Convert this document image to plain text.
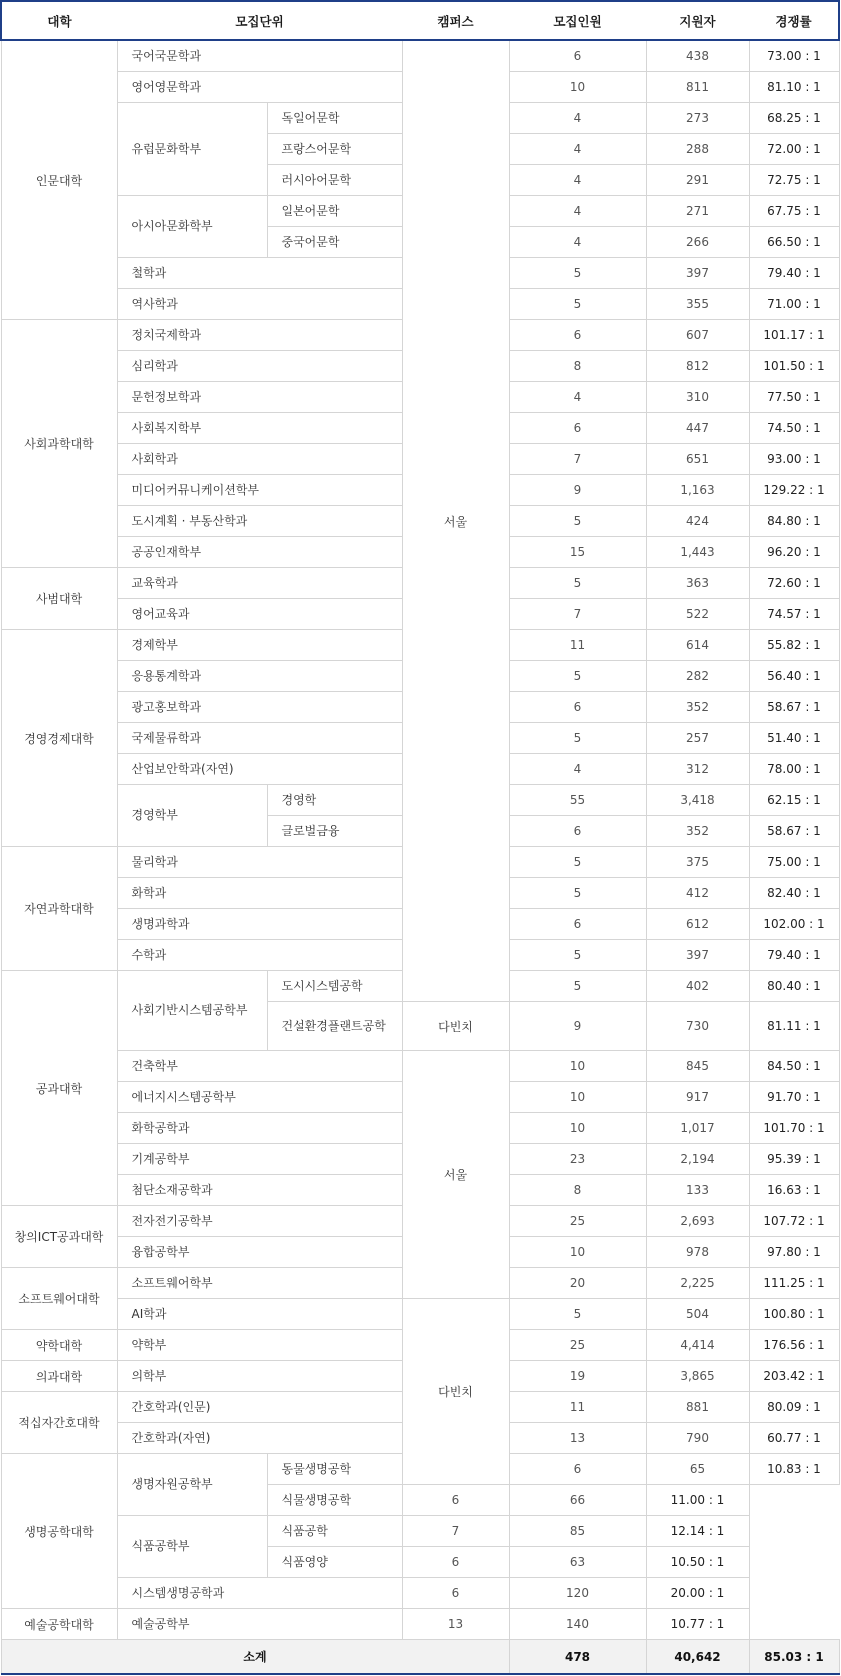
대학	모집단위		캠퍼스	모집인원	지원자	경쟁률
인문대학	국어국문학과		서울	6	438	73.00 : 1
	영어영문학과			10	811	81.10 : 1
	유럽문화학부	독일어문학		4	273	68.25 : 1
		프랑스어문학		4	288	72.00 : 1
		러시아어문학		4	291	72.75 : 1
	아시아문화학부	일본어문학		4	271	67.75 : 1
		중국어문학		4	266	66.50 : 1
	철학과			5	397	79.40 : 1
	역사학과			5	355	71.00 : 1
사회과학대학	정치국제학과			6	607	101.17 : 1
	심리학과			8	812	101.50 : 1
	문헌정보학과			4	310	77.50 : 1
	사회복지학부			6	447	74.50 : 1
	사회학과			7	651	93.00 : 1
	미디어커뮤니케이션학부			9	1,163	129.22 : 1
	도시계획 · 부동산학과			5	424	84.80 : 1
	공공인재학부			15	1,443	96.20 : 1
사범대학	교육학과			5	363	72.60 : 1
	영어교육과			7	522	74.57 : 1
경영경제대학	경제학부			11	614	55.82 : 1
	응용통계학과			5	282	56.40 : 1
	광고홍보학과			6	352	58.67 : 1
	국제물류학과			5	257	51.40 : 1
	산업보안학과(자연)			4	312	78.00 : 1
	경영학부	경영학		55	3,418	62.15 : 1
		글로벌금융		6	352	58.67 : 1
자연과학대학	물리학과			5	375	75.00 : 1
	화학과			5	412	82.40 : 1
	생명과학과			6	612	102.00 : 1
	수학과			5	397	79.40 : 1
공과대학	사회기반시스템공학부	도시시스템공학		5	402	80.40 : 1
		건설환경플랜트공학	다빈치	9	730	81.11 : 1
	건축학부		서울	10	845	84.50 : 1
	에너지시스템공학부			10	917	91.70 : 1
	화학공학과			10	1,017	101.70 : 1
	기계공학부			23	2,194	95.39 : 1
	첨단소재공학과			8	133	16.63 : 1
창의ICT공과대학	전자전기공학부			25	2,693	107.72 : 1
	융합공학부			10	978	97.80 : 1
소프트웨어대학	소프트웨어학부			20	2,225	111.25 : 1
	AI학과		다빈치	5	504	100.80 : 1
약학대학	약학부			25	4,414	176.56 : 1
의과대학	의학부			19	3,865	203.42 : 1
적십자간호대학	간호학과(인문)			11	881	80.09 : 1
	간호학과(자연)			13	790	60.77 : 1
생명공학대학	생명자원공학부	동물생명공학		6	65	10.83 : 1
		식물생명공학	6	66	11.00 : 1	
	식품공학부	식품공학	7	85	12.14 : 1	
		식품영양	6	63	10.50 : 1	
	시스템생명공학과		6	120	20.00 : 1	
예술공학대학	예술공학부		13	140	10.77 : 1	
소계				478	40,642	85.03 : 1
